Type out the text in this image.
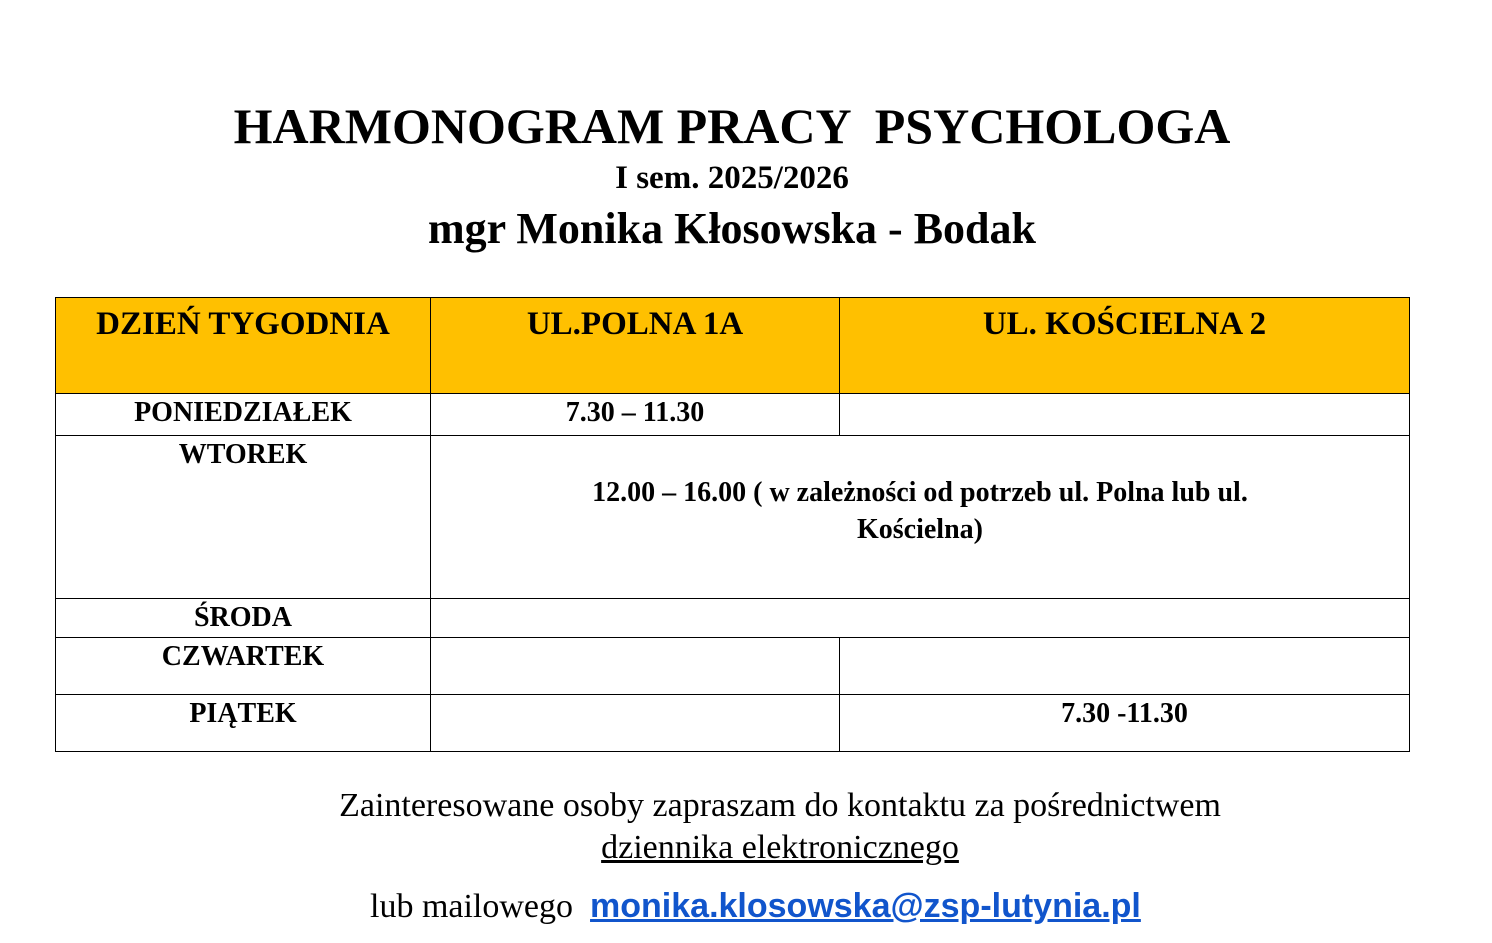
HARMONOGRAM PRACY  PSYCHOLOGA
I sem. 2025/2026
mgr Monika Kłosowska - Bodak
DZIEŃ TYGODNIA	UL.POLNA 1A	UL. KOŚCIELNA 2
PONIEDZIAŁEK	7.30 – 11.30	
WTOREK	12.00 – 16.00 ( w zależności od potrzeb ul. Polna lub ul. Kościelna)	
ŚRODA		
CZWARTEK		
PIĄTEK		7.30 -11.30
Zainteresowane osoby zapraszam do kontaktu za pośrednictwem
dziennika elektronicznego
lub mailowego  monika.klosowska@zsp-lutynia.pl
